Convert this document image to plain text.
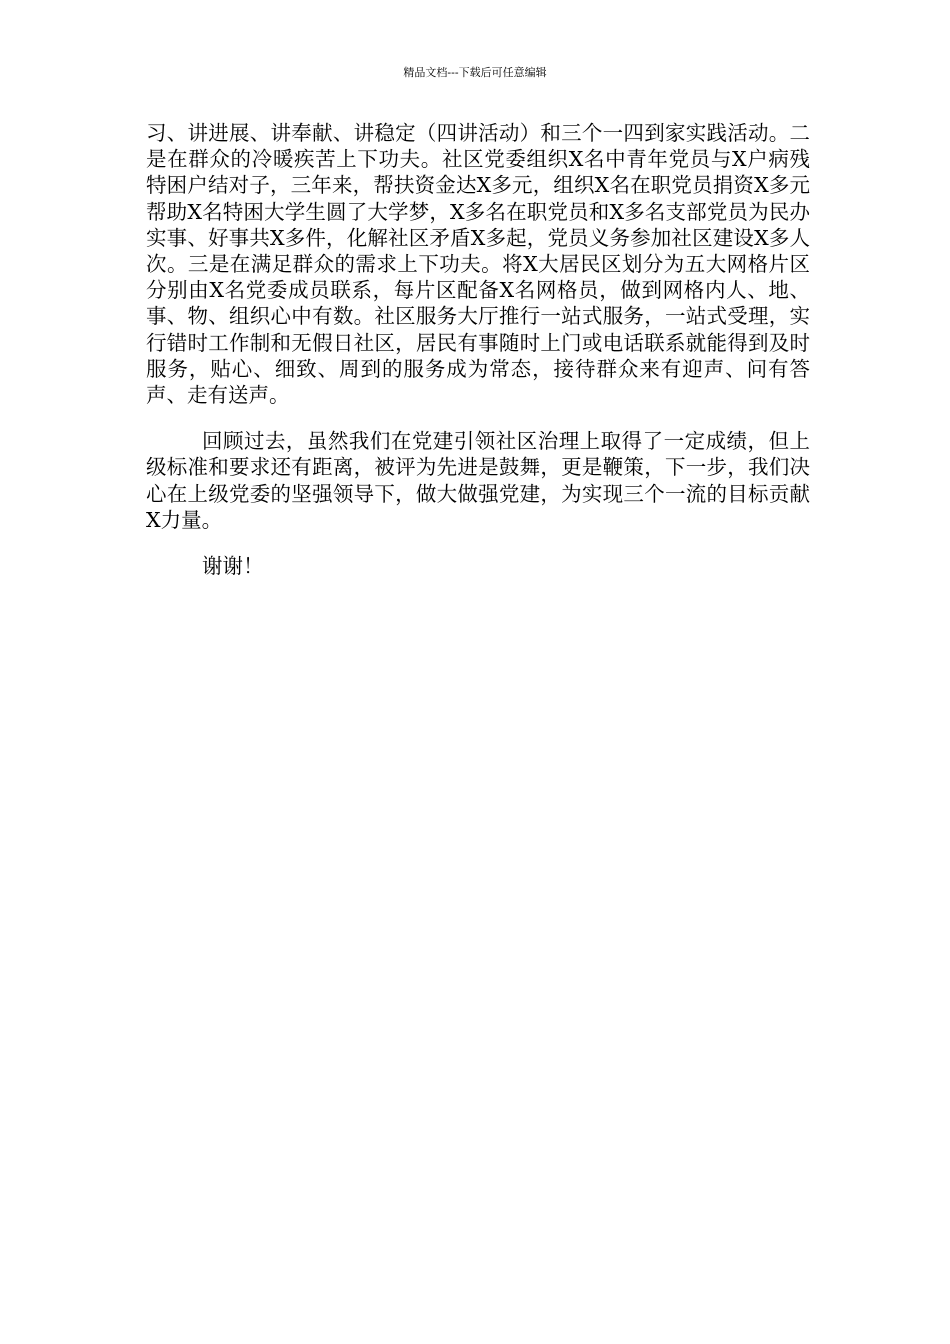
精品文档---下载后可任意编辑

习、讲进展、讲奉献、讲稳定（四讲活动）和三个一四到家实践活动。二是在群众的冷暖疾苦上下功夫。社区党委组织X名中青年党员与X户病残特困户结对子，三年来，帮扶资金达X多元，组织X名在职党员捐资X多元帮助X名特困大学生圆了大学梦，X多名在职党员和X多名支部党员为民办实事、好事共X多件，化解社区矛盾X多起，党员义务参加社区建设X多人次。三是在满足群众的需求上下功夫。将X大居民区划分为五大网格片区分别由X名党委成员联系，每片区配备X名网格员，做到网格内人、地、事、物、组织心中有数。社区服务大厅推行一站式服务，一站式受理，实行错时工作制和无假日社区，居民有事随时上门或电话联系就能得到及时服务，贴心、细致、周到的服务成为常态，接待群众来有迎声、问有答声、走有送声。

回顾过去，虽然我们在党建引领社区治理上取得了一定成绩，但上级标准和要求还有距离，被评为先进是鼓舞，更是鞭策，下一步，我们决心在上级党委的坚强领导下，做大做强党建，为实现三个一流的目标贡献X力量。

谢谢！
